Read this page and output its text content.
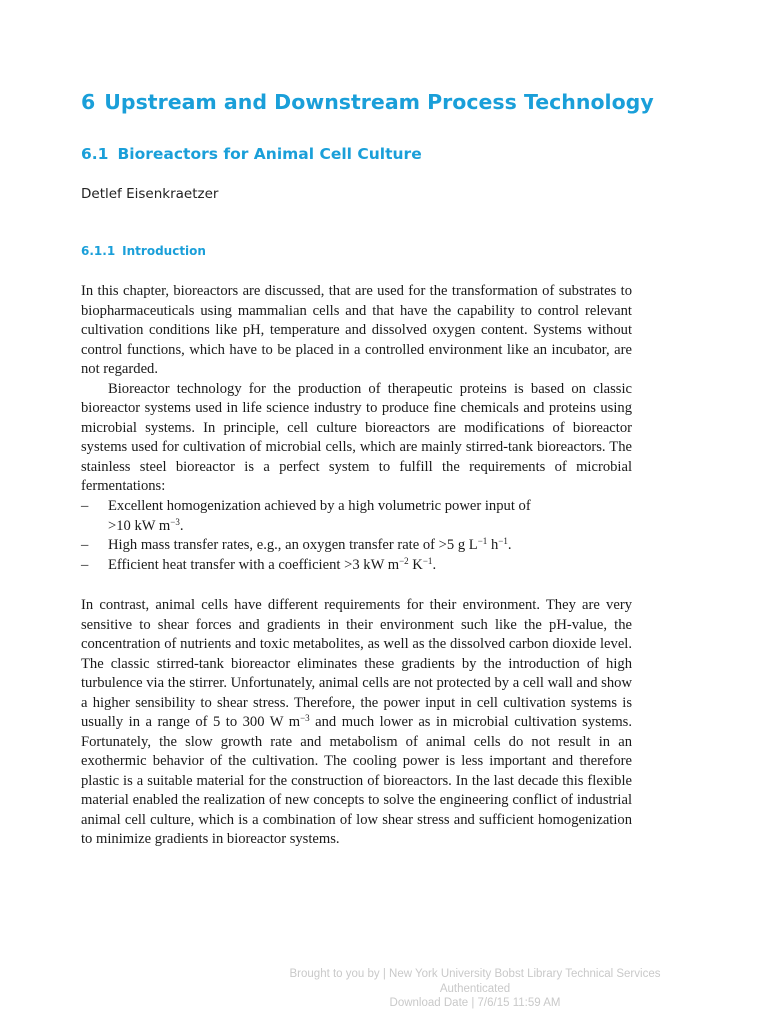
6 Upstream and Downstream Process Technology
6.1 Bioreactors for Animal Cell Culture

Detlef Eisenkraetzer

6.1.1 Introduction

In this chapter, bioreactors are discussed, that are used for the transformation of substrates to biopharmaceuticals using mammalian cells and that have the capability to control relevant cultivation conditions like pH, temperature and dissolved oxygen content. Systems without control functions, which have to be placed in a controlled environment like an incubator, are not regarded.

Bioreactor technology for the production of therapeutic proteins is based on classic bioreactor systems used in life science industry to produce fine chemicals and proteins using microbial systems. In principle, cell culture bioreactors are modifications of bioreactor systems used for cultivation of microbial cells, which are mainly stirred-tank bioreactors. The stainless steel bioreactor is a perfect system to fulfill the requirements of microbial fermentations:

– Excellent homogenization achieved by a high volumetric power input of
>10 kW $m^{-3}$.
– High mass transfer rates, e.g., an oxygen transfer rate of >5 g $L^{-1}$ $h^{-1}$.
– Efficient heat transfer with a coefficient >3 kW $m^{-2}$ $K^{-1}$.

In contrast, animal cells have different requirements for their environment. They are very sensitive to shear forces and gradients in their environment such like the pH-value, the concentration of nutrients and toxic metabolites, as well as the dissolved carbon dioxide level. The classic stirred-tank bioreactor eliminates these gradients by the introduction of high turbulence via the stirrer. Unfortunately, animal cells are not protected by a cell wall and show a higher sensibility to shear stress. Therefore, the power input in cell cultivation systems is usually in a range of 5 to 300 W $m^{-3}$ and much lower as in microbial cultivation systems. Fortunately, the slow growth rate and metabolism of animal cells do not result in an exothermic behavior of the cultivation. The cooling power is less important and therefore plastic is a suitable material for the construction of bioreactors. In the last decade this flexible material enabled the realization of new concepts to solve the engineering conflict of industrial animal cell culture, which is a combination of low shear stress and sufficient homogenization to minimize gradients in bioreactor systems.

Brought to you by | New York University Bobst Library Technical Services
Authenticated
Download Date | 7/6/15 11:59 AM
